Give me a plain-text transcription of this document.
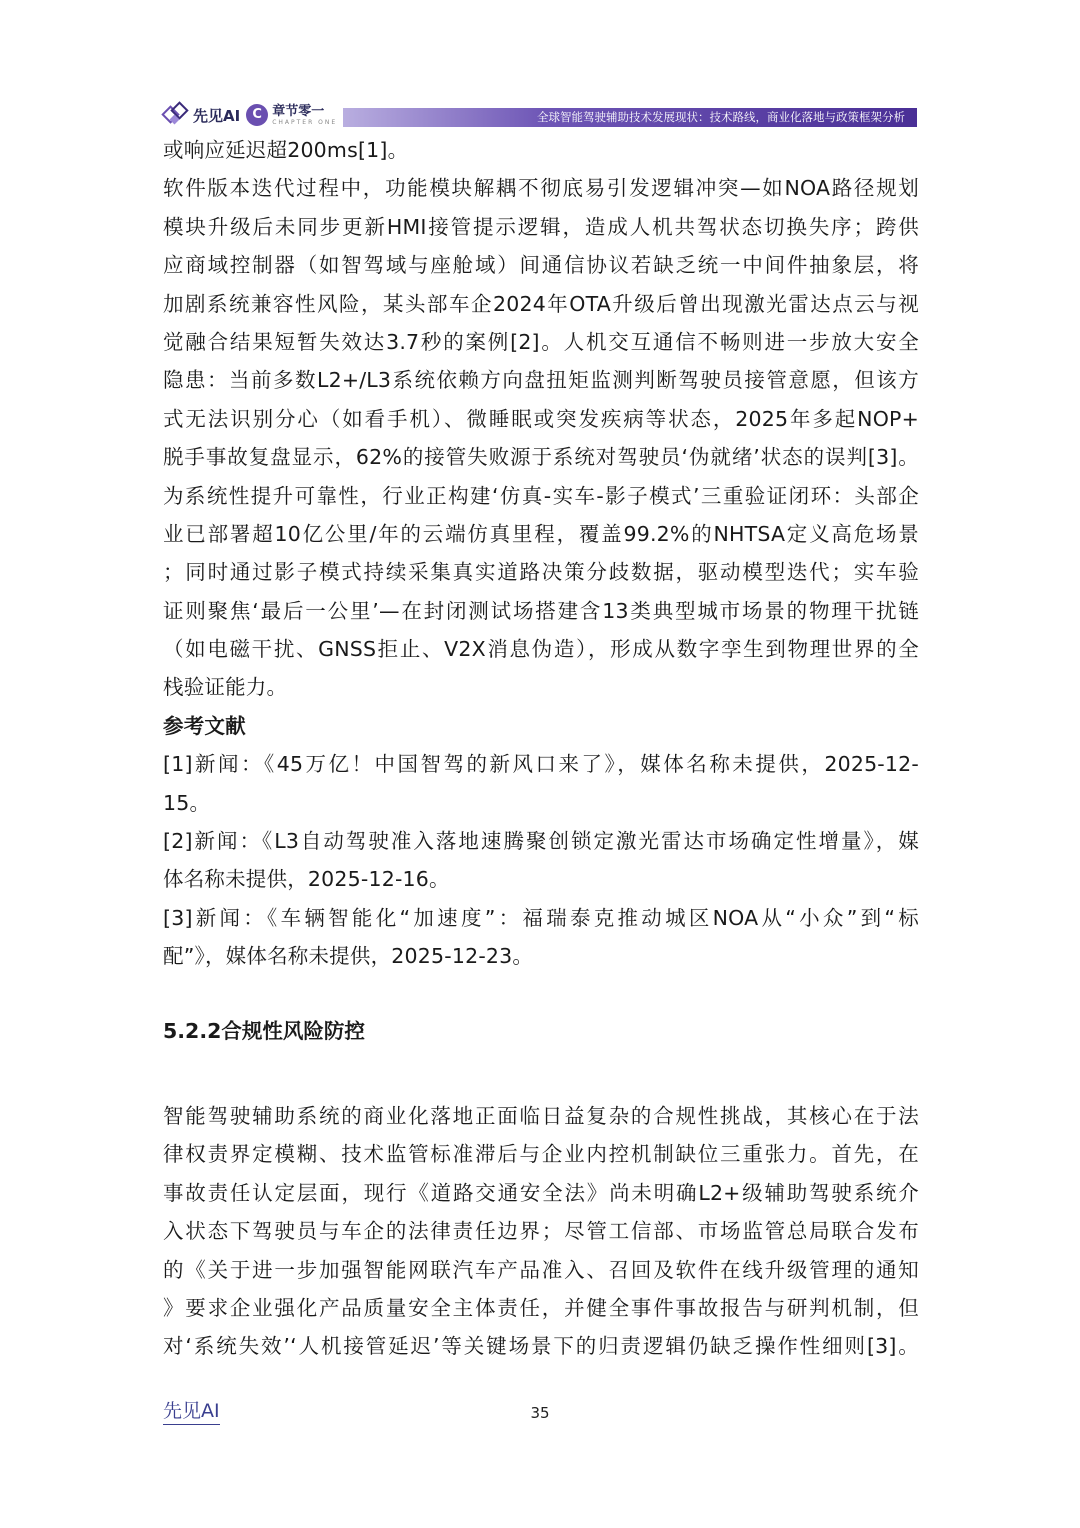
先见AI C 章节零一
CHAPTER ONE	全球智能驾驶辅助技术发展现状：技术路线，商业化落地与政策框架分析
或响应延迟超200ms[1]。
软件版本迭代过程中，功能模块解耦不彻底易引发逻辑冲突—如NOA路径规划
模块升级后未同步更新HMI接管提示逻辑，造成人机共驾状态切换失序；跨供
应商域控制器（如智驾域与座舱域）间通信协议若缺乏统一中间件抽象层，将
加剧系统兼容性风险，某头部车企2024年OTA升级后曾出现激光雷达点云与视
觉融合结果短暂失效达3.7秒的案例[2]。人机交互通信不畅则进一步放大安全
隐患：当前多数L2+/L3系统依赖方向盘扭矩监测判断驾驶员接管意愿，但该方
式无法识别分心（如看手机）、微睡眠或突发疾病等状态，2025年多起NOP+
脱手事故复盘显示，62%的接管失败源于系统对驾驶员‘伪就绪’状态的误判[3]。
为系统性提升可靠性，行业正构建‘仿真-实车-影子模式’三重验证闭环：头部企
业已部署超10亿公里/年的云端仿真里程，覆盖99.2%的NHTSA定义高危场景
；同时通过影子模式持续采集真实道路决策分歧数据，驱动模型迭代；实车验
证则聚焦‘最后一公里’—在封闭测试场搭建含13类典型城市场景的物理干扰链
（如电磁干扰、GNSS拒止、V2X消息伪造），形成从数字孪生到物理世界的全
栈验证能力。
参考文献
[1]新闻：《45万亿！中国智驾的新风口来了》，媒体名称未提供，2025-12-
15。
[2]新闻：《L3自动驾驶准入落地速腾聚创锁定激光雷达市场确定性增量》，媒
体名称未提供，2025-12-16。
[3]新闻：《车辆智能化“加速度”：福瑞泰克推动城区NOA从“小众”到“标
配”》，媒体名称未提供，2025-12-23。
5.2.2合规性风险防控
智能驾驶辅助系统的商业化落地正面临日益复杂的合规性挑战，其核心在于法
律权责界定模糊、技术监管标准滞后与企业内控机制缺位三重张力。首先，在
事故责任认定层面，现行《道路交通安全法》尚未明确L2+级辅助驾驶系统介
入状态下驾驶员与车企的法律责任边界；尽管工信部、市场监管总局联合发布
的《关于进一步加强智能网联汽车产品准入、召回及软件在线升级管理的通知
》要求企业强化产品质量安全主体责任，并健全事件事故报告与研判机制，但
对‘系统失效’‘人机接管延迟’等关键场景下的归责逻辑仍缺乏操作性细则[3]。
先见AI	35
